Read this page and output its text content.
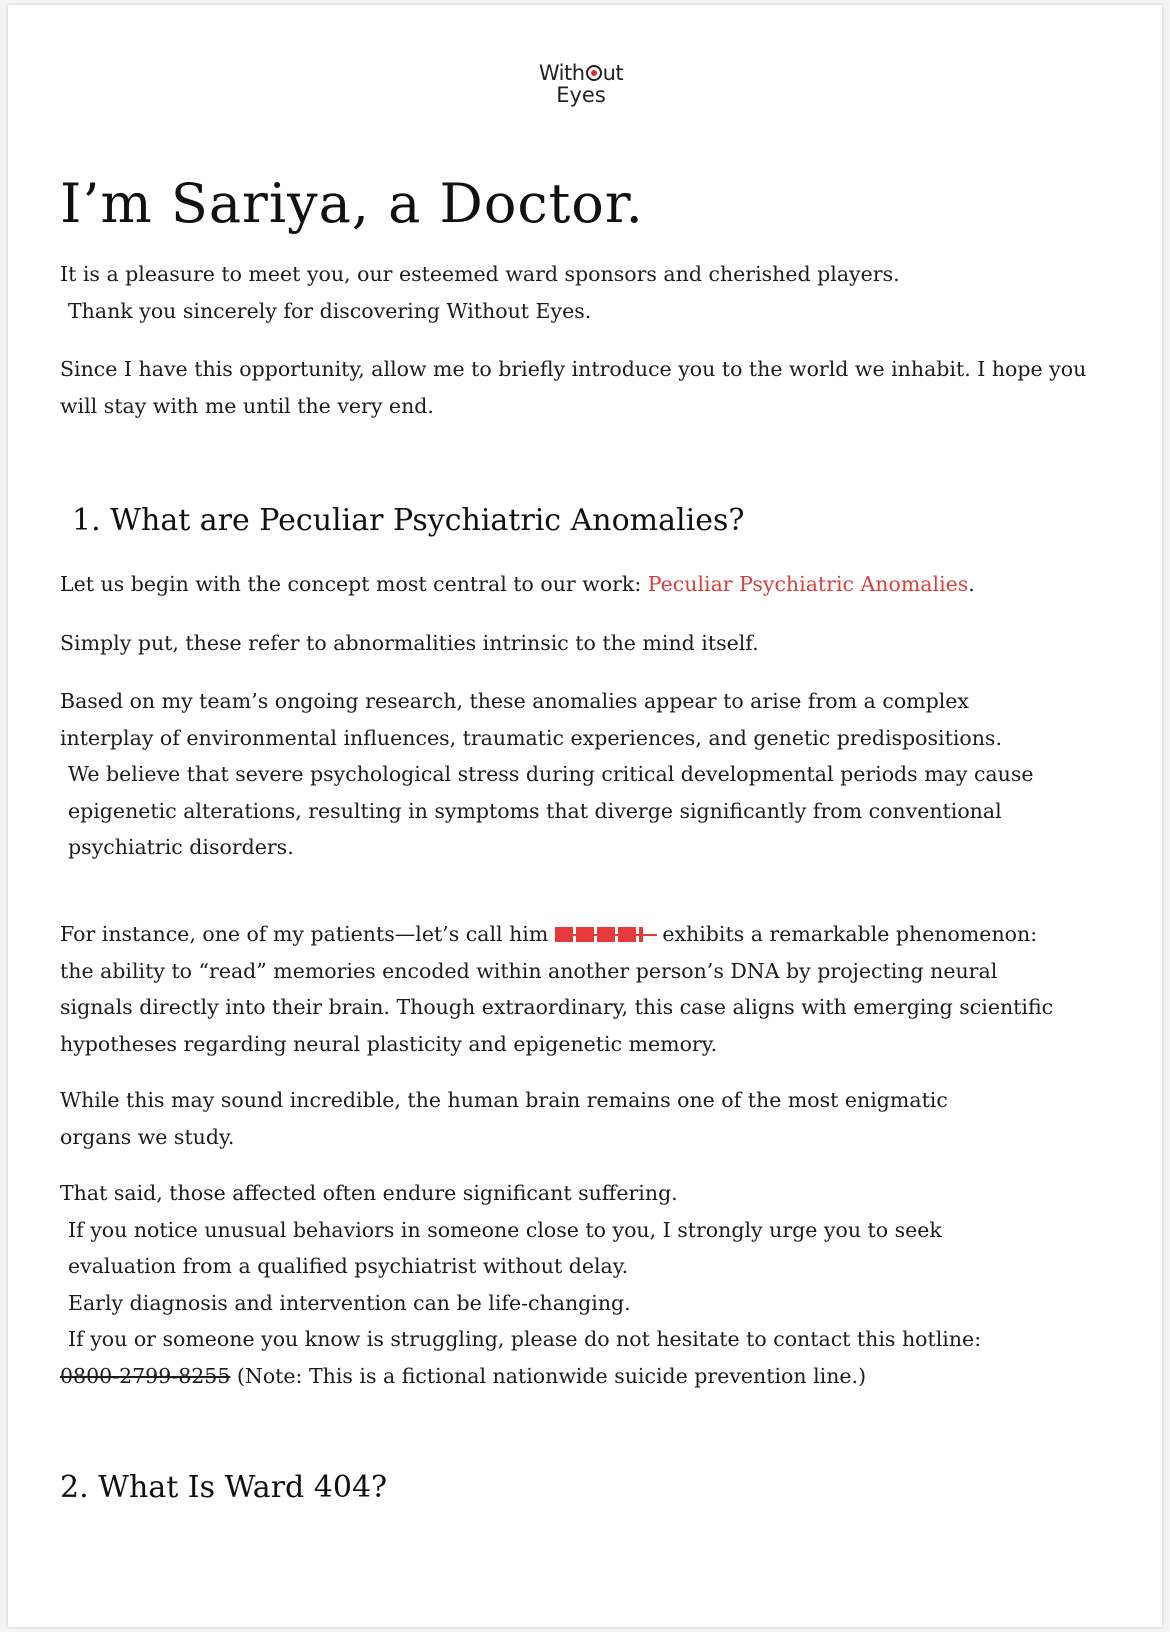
With ut
Eyes
I’m Sariya, a Doctor.

It is a pleasure to meet you, our esteemed ward sponsors and cherished players.

Thank you sincerely for discovering Without Eyes.

Since I have this opportunity, allow me to briefly introduce you to the world we inhabit. I hope you will stay with me until the very end.

1. What are Peculiar Psychiatric Anomalies?

Let us begin with the concept most central to our work: Peculiar Psychiatric Anomalies.

Simply put, these refer to abnormalities intrinsic to the mind itself.

Based on my team’s ongoing research, these anomalies appear to arise from a complex interplay of environmental influences, traumatic experiences, and genetic predispositions.
We believe that severe psychological stress during critical developmental periods may cause epigenetic alterations, resulting in symptoms that diverge significantly from conventional psychiatric disorders.

For instance, one of my patients—let’s call him	exhibits a remarkable phenomenon: the ability to “read” memories encoded within another person’s DNA by projecting neural signals directly into their brain. Though extraordinary, this case aligns with emerging scientific hypotheses regarding neural plasticity and epigenetic memory.

While this may sound incredible, the human brain remains one of the most enigmatic organs we study.

That said, those affected often endure significant suffering.
If you notice unusual behaviors in someone close to you, I strongly urge you to seek evaluation from a qualified psychiatrist without delay.
Early diagnosis and intervention can be life-changing.
If you or someone you know is struggling, please do not hesitate to contact this hotline:
0800-2799-8255 (Note: This is a fictional nationwide suicide prevention line.)

2. What Is Ward 404?
